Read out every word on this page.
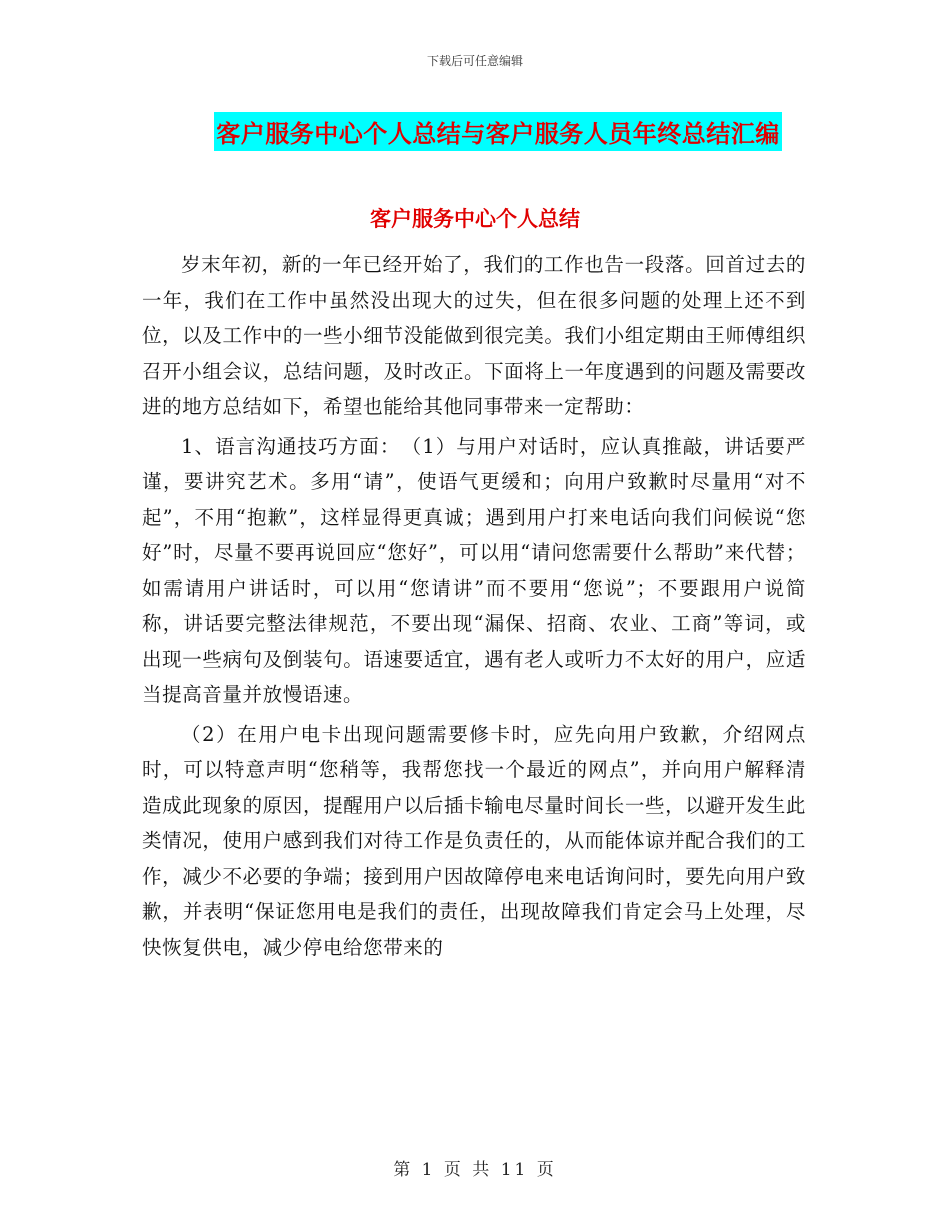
下载后可任意编辑
客户服务中心个人总结与客户服务人员年终总结汇编
客户服务中心个人总结

岁末年初，新的一年已经开始了，我们的工作也告一段落。回首过去的一年，我们在工作中虽然没出现大的过失，但在很多问题的处理上还不到位，以及工作中的一些小细节没能做到很完美。我们小组定期由王师傅组织召开小组会议，总结问题，及时改正。下面将上一年度遇到的问题及需要改进的地方总结如下，希望也能给其他同事带来一定帮助：

1、语言沟通技巧方面：　（1）与用户对话时，应认真推敲，讲话要严谨，要讲究艺术。多用“请”，使语气更缓和；向用户致歉时尽量用“对不起”，不用“抱歉”，这样显得更真诚；遇到用户打来电话向我们问候说“您好”时，尽量不要再说回应“您好”，可以用“请问您需要什么帮助”来代替；如需请用户讲话时，可以用“您请讲”而不要用“您说”；不要跟用户说简称，讲话要完整法律规范，不要出现“漏保、招商、农业、工商”等词，或出现一些病句及倒装句。语速要适宜，遇有老人或听力不太好的用户，应适当提高音量并放慢语速。

（2）在用户电卡出现问题需要修卡时，应先向用户致歉，介绍网点时，可以特意声明“您稍等，我帮您找一个最近的网点”，并向用户解释清造成此现象的原因，提醒用户以后插卡输电尽量时间长一些，以避开发生此类情况，使用户感到我们对待工作是负责任的，从而能体谅并配合我们的工作，减少不必要的争端；接到用户因故障停电来电话询问时，要先向用户致歉，并表明“保证您用电是我们的责任，出现故障我们肯定会马上处理，尽快恢复供电，减少停电给您带来的

第 1 页 共 11 页
